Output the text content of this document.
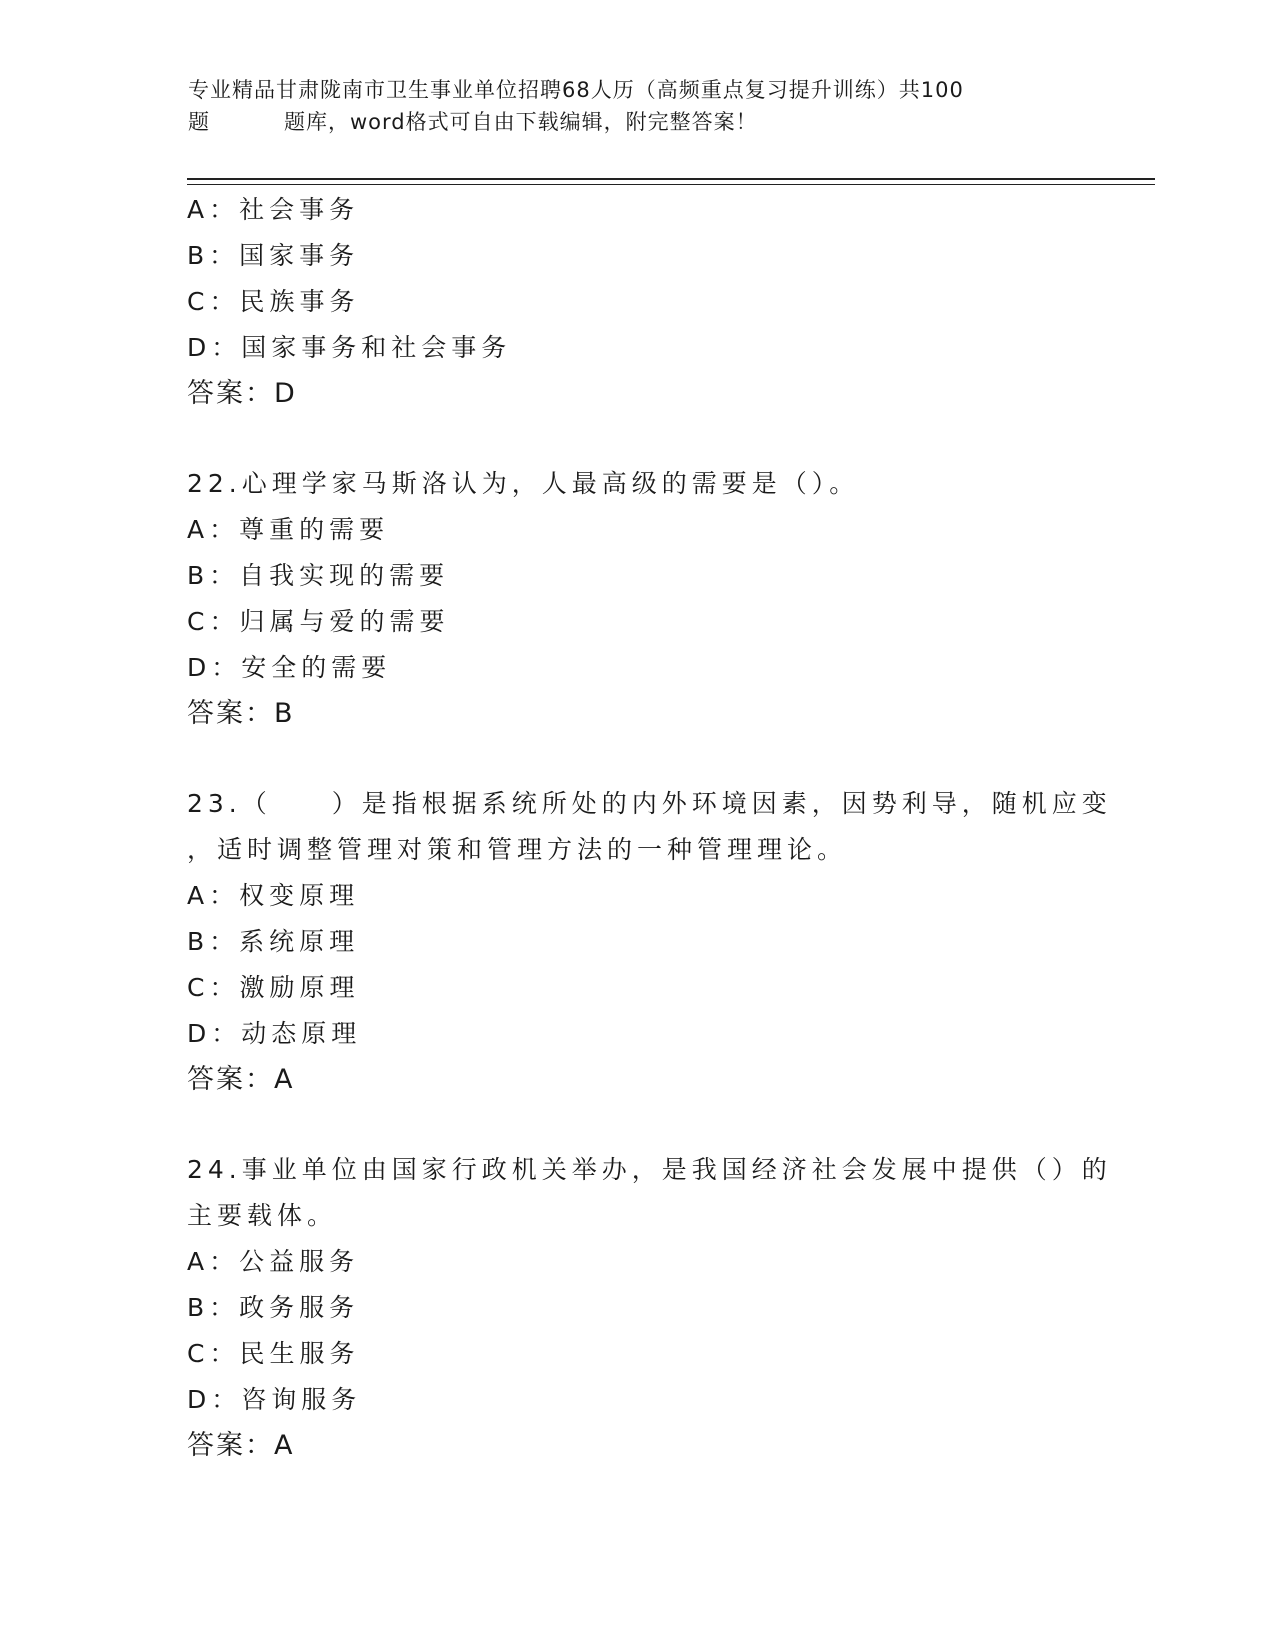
专业精品甘肃陇南市卫生事业单位招聘68人历（高频重点复习提升训练）共100
题	题库，word格式可自由下载编辑，附完整答案！
A：社会事务
B：国家事务
C：民族事务
D：国家事务和社会事务
答案：D
22.心理学家马斯洛认为，人最高级的需要是（）。
A：尊重的需要
B：自我实现的需要
C：归属与爱的需要
D：安全的需要
答案：B
23.（　　）是指根据系统所处的内外环境因素，因势利导，随机应变
，适时调整管理对策和管理方法的一种管理理论。
A：权变原理
B：系统原理
C：激励原理
D：动态原理
答案：A
24.事业单位由国家行政机关举办，是我国经济社会发展中提供（）的
主要载体。
A：公益服务
B：政务服务
C：民生服务
D：咨询服务
答案：A
